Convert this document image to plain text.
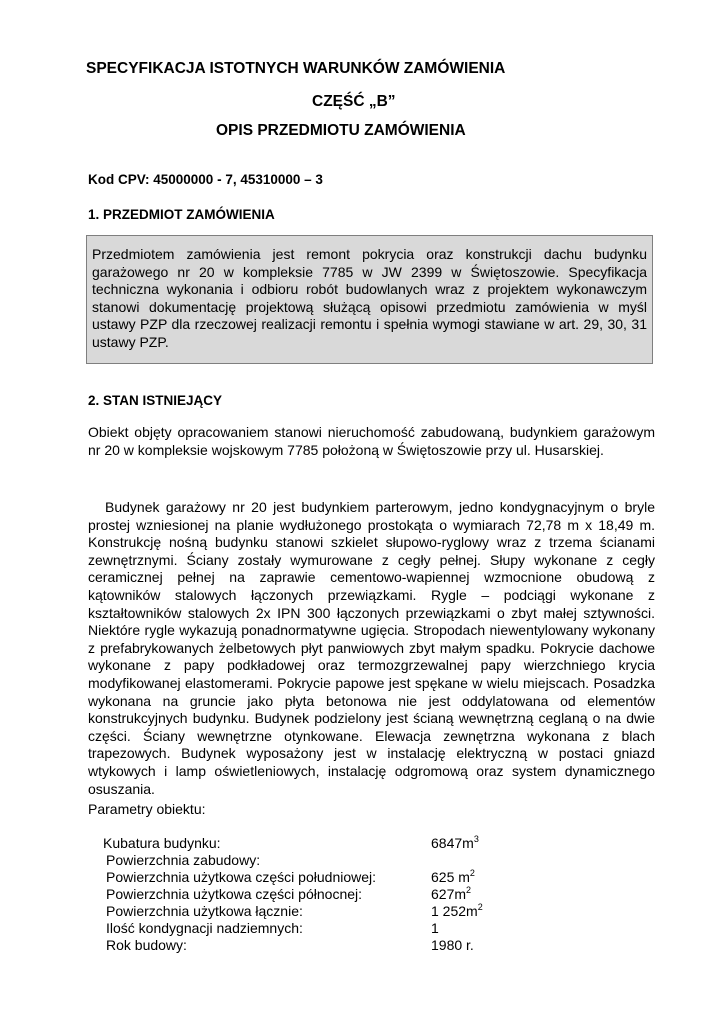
SPECYFIKACJA ISTOTNYCH WARUNKÓW ZAMÓWIENIA
CZĘŚĆ „B”
OPIS PRZEDMIOTU ZAMÓWIENIA
Kod CPV: 45000000 - 7, 45310000 – 3
1. PRZEDMIOT ZAMÓWIENIA

Przedmiotem zamówienia jest remont pokrycia oraz konstrukcji dachu budynku garażowego nr 20 w kompleksie 7785 w JW 2399 w Świętoszowie. Specyfikacja techniczna wykonania i odbioru robót budowlanych wraz z projektem wykonawczym stanowi dokumentację projektową służącą opisowi przedmiotu zamówienia w myśl ustawy PZP dla rzeczowej realizacji remontu i spełnia wymogi stawiane w art. 29, 30, 31 ustawy PZP.

2. STAN ISTNIEJĄCY

Obiekt objęty opracowaniem stanowi nieruchomość zabudowaną, budynkiem garażowym nr 20 w kompleksie wojskowym 7785 położoną w Świętoszowie przy ul. Husarskiej.

Budynek garażowy nr 20 jest budynkiem parterowym, jedno kondygnacyjnym o bryle prostej wzniesionej na planie wydłużonego prostokąta o wymiarach 72,78 m x 18,49 m. Konstrukcję nośną budynku stanowi szkielet słupowo-ryglowy wraz z trzema ścianami zewnętrznymi. Ściany zostały wymurowane z cegły pełnej. Słupy wykonane z cegły ceramicznej pełnej na zaprawie cementowo-wapiennej wzmocnione obudową z kątowników stalowych łączonych przewiązkami. Rygle – podciągi wykonane z kształtowników stalowych 2x IPN 300 łączonych przewiązkami o zbyt małej sztywności. Niektóre rygle wykazują ponadnormatywne ugięcia. Stropodach niewentylowany wykonany z prefabrykowanych żelbetowych płyt panwiowych zbyt małym spadku. Pokrycie dachowe wykonane z papy podkładowej oraz termozgrzewalnej papy wierzchniego krycia modyfikowanej elastomerami. Pokrycie papowe jest spękane w wielu miejscach. Posadzka wykonana na gruncie jako płyta betonowa nie jest oddylatowana od elementów konstrukcyjnych budynku. Budynek podzielony jest ścianą wewnętrzną ceglaną o na dwie części. Ściany wewnętrzne otynkowane. Elewacja zewnętrzna wykonana z blach trapezowych. Budynek wyposażony jest w instalację elektryczną w postaci gniazd wtykowych i lamp oświetleniowych, instalację odgromową oraz system dynamicznego osuszania.

Parametry obiektu:

Kubatura budynku:	$6847m^3$
Powierzchnia zabudowy:
Powierzchnia użytkowa części południowej:	625 $m^2$
Powierzchnia użytkowa części północnej:	$627m^2$
Powierzchnia użytkowa łącznie:	1 $252m^2$
Ilość kondygnacji nadziemnych:	1
Rok budowy:	1980 r.
